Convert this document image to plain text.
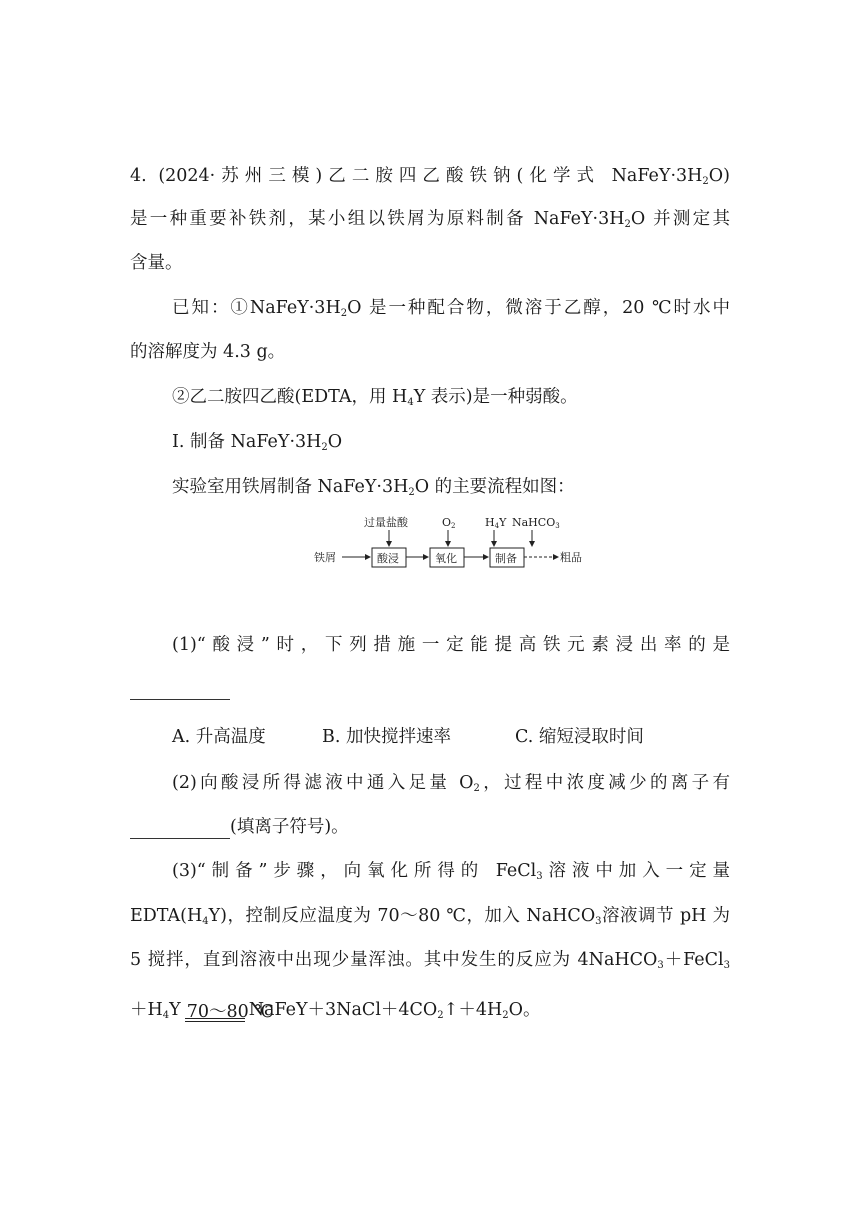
4. (2024·苏州三模)乙二胺四乙酸铁钠(化学式 $NaFeY\cdot 3H_2O$)
是一种重要补铁剂，某小组以铁屑为原料制备 $NaFeY\cdot 3H_2O$ 并测定其
含量。
已知：$①NaFeY\cdot 3H_2O$ 是一种配合物，微溶于乙醇，20 ℃时水中
的溶解度为 4.3 g。
②乙二胺四乙酸(EDTA，用 $H_4Y$ 表示)是一种弱酸。
Ⅰ. 制备 $NaFeY\cdot 3H_2O$
实验室用铁屑制备 $NaFeY\cdot 3H_2O$ 的主要流程如图：
过量盐酸	O2	H4Y NaHCO3
铁屑	酸浸	氧化	制备	粗品
(1)“酸浸”时，下列措施一定能提高铁元素浸出率的是
A. 升高温度	B. 加快搅拌速率	C. 缩短浸取时间
(2)向酸浸所得滤液中通入足量 $O_2$，过程中浓度减少的离子有
(填离子符号)。
(3)“制备”步骤，向氧化所得的 FeCl$_3$溶液中加入一定量
$EDTA(H_4Y)$，控制反应温度为 70～80 ℃，加入 NaHCO$_3$溶液调节 pH 为
5 搅拌，直到溶液中出现少量浑浊。其中发生的反应为 4NaHCO$_3$＋FeCl$_3$
$+H_4Y$ 70～80 ℃
$NaFeY+3NaCl+4CO_2↑+4H_2O$。
